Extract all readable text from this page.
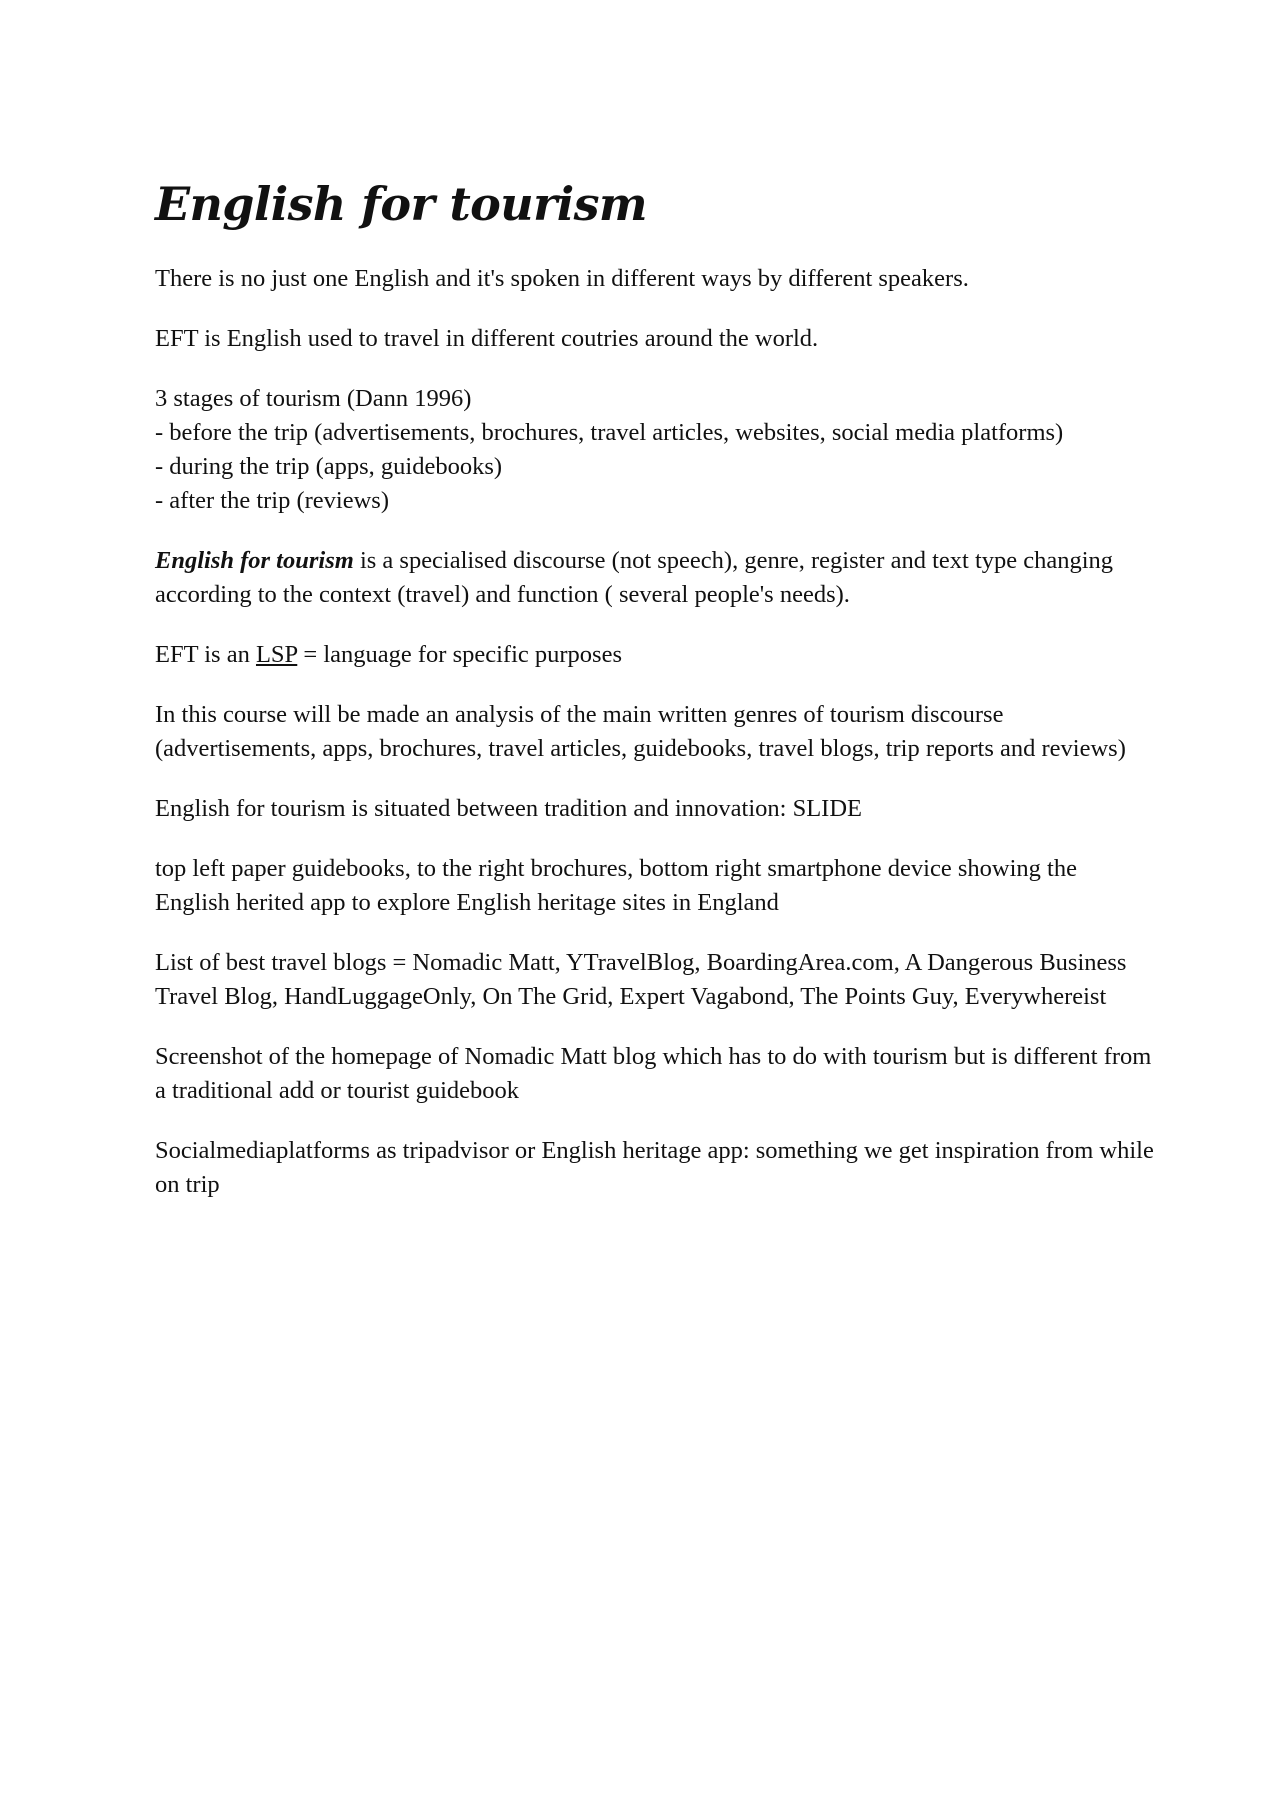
English for tourism

There is no just one English and it's spoken in different ways by different speakers.

EFT is English used to travel in different coutries around the world.

3 stages of tourism (Dann 1996)
- before the trip (advertisements, brochures, travel articles, websites, social media platforms)
- during the trip (apps, guidebooks)
- after the trip (reviews)

English for tourism is a specialised discourse (not speech), genre, register and text type changing according to the context (travel) and function ( several people's needs).

EFT is an LSP = language for specific purposes

In this course will be made an analysis of the main written genres of tourism discourse (advertisements, apps, brochures, travel articles, guidebooks, travel blogs, trip reports and reviews)

English for tourism is situated between tradition and innovation: SLIDE

top left paper guidebooks, to the right brochures, bottom right smartphone device showing the English herited app to explore English heritage sites in England

List of best travel blogs = Nomadic Matt, YTravelBlog, BoardingArea.com, A Dangerous Business Travel Blog, HandLuggageOnly, On The Grid, Expert Vagabond, The Points Guy, Everywhereist

Screenshot of the homepage of Nomadic Matt blog which has to do with tourism but is different from a traditional add or tourist guidebook

Socialmediaplatforms as tripadvisor or English heritage app: something we get inspiration from while on trip
